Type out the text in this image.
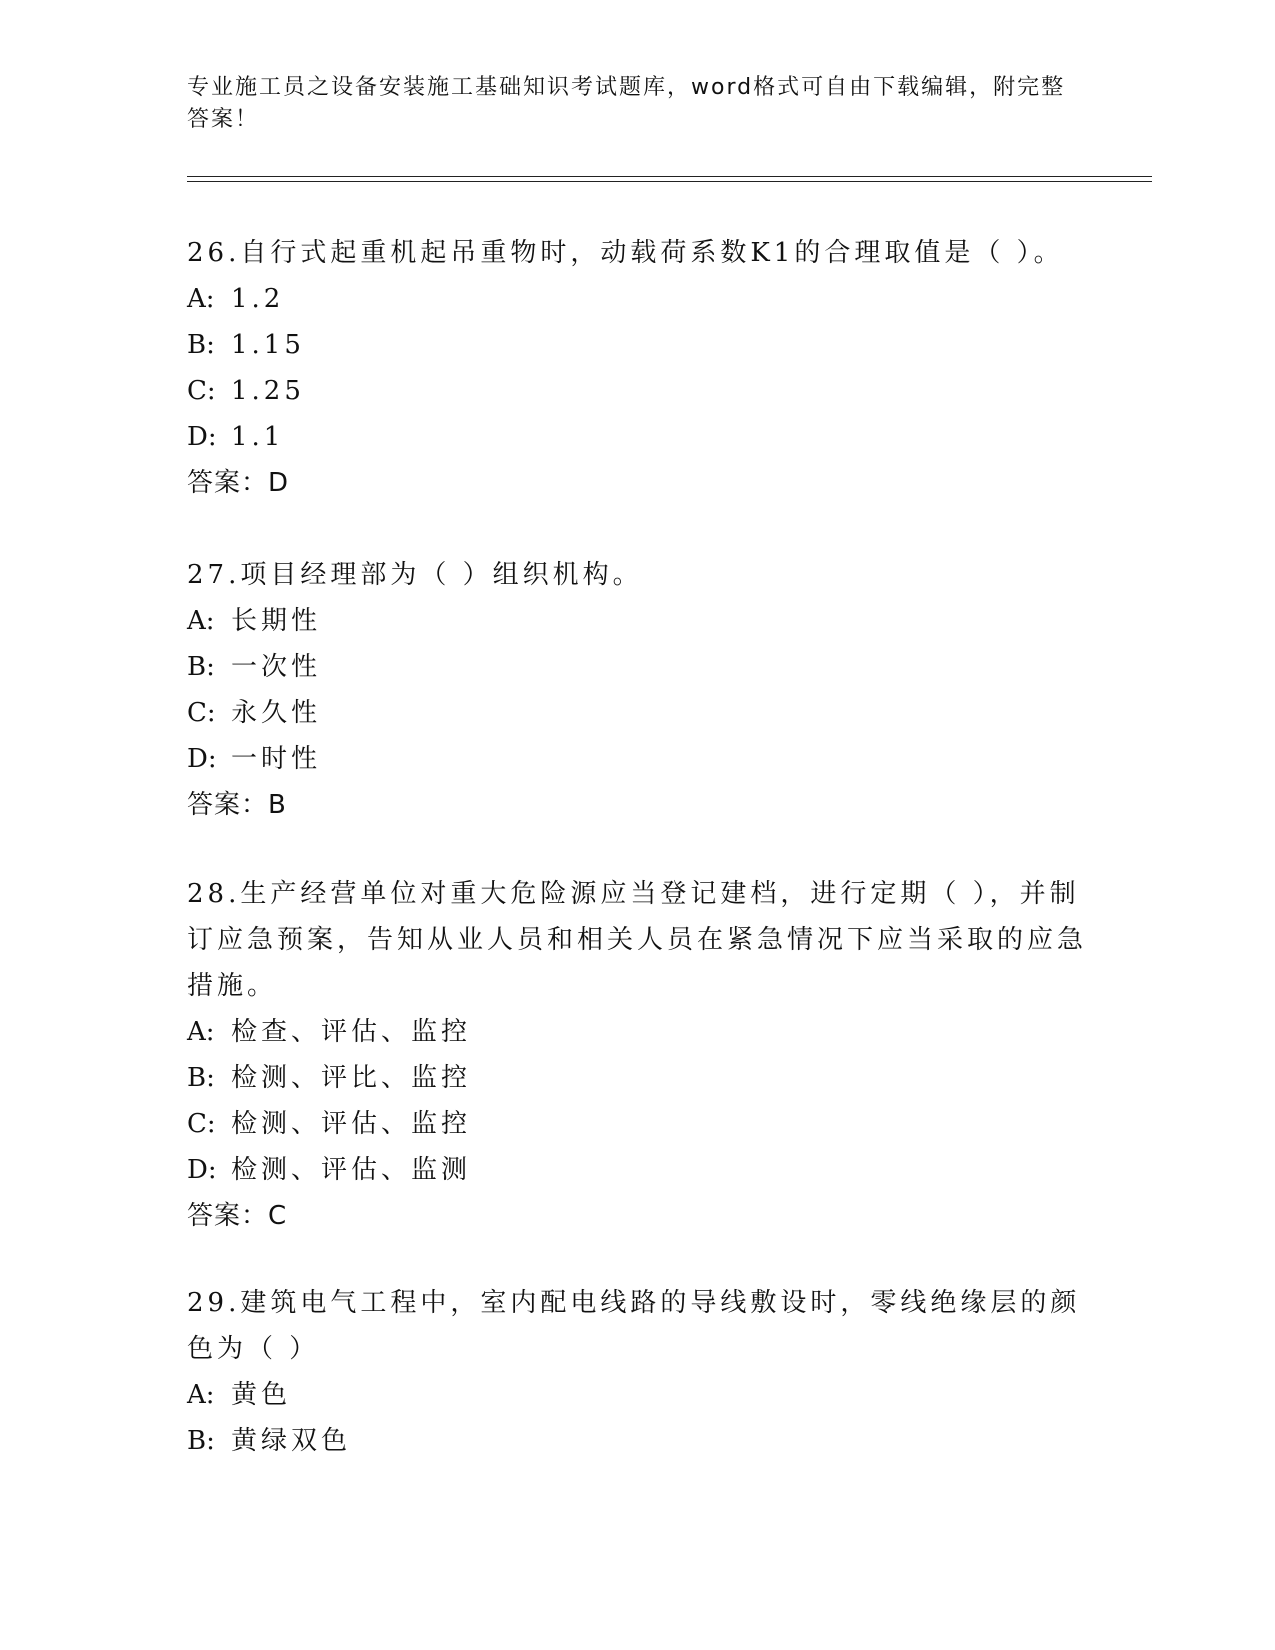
专业施工员之设备安装施工基础知识考试题库，word格式可自由下载编辑，附完整答案！

26.自行式起重机起吊重物时，动载荷系数K1的合理取值是（ ）。

A: 1.2

B: 1.15

C: 1.25

D: 1.1

答案：D

27.项目经理部为（ ）组织机构。

A: 长期性

B: 一次性

C: 永久性

D: 一时性

答案：B

28.生产经营单位对重大危险源应当登记建档，进行定期（ ），并制订应急预案，告知从业人员和相关人员在紧急情况下应当采取的应急措施。

A: 检查、评估、监控

B: 检测、评比、监控

C: 检测、评估、监控

D: 检测、评估、监测

答案：C

29.建筑电气工程中，室内配电线路的导线敷设时，零线绝缘层的颜色为（ ）

A: 黄色

B: 黄绿双色
